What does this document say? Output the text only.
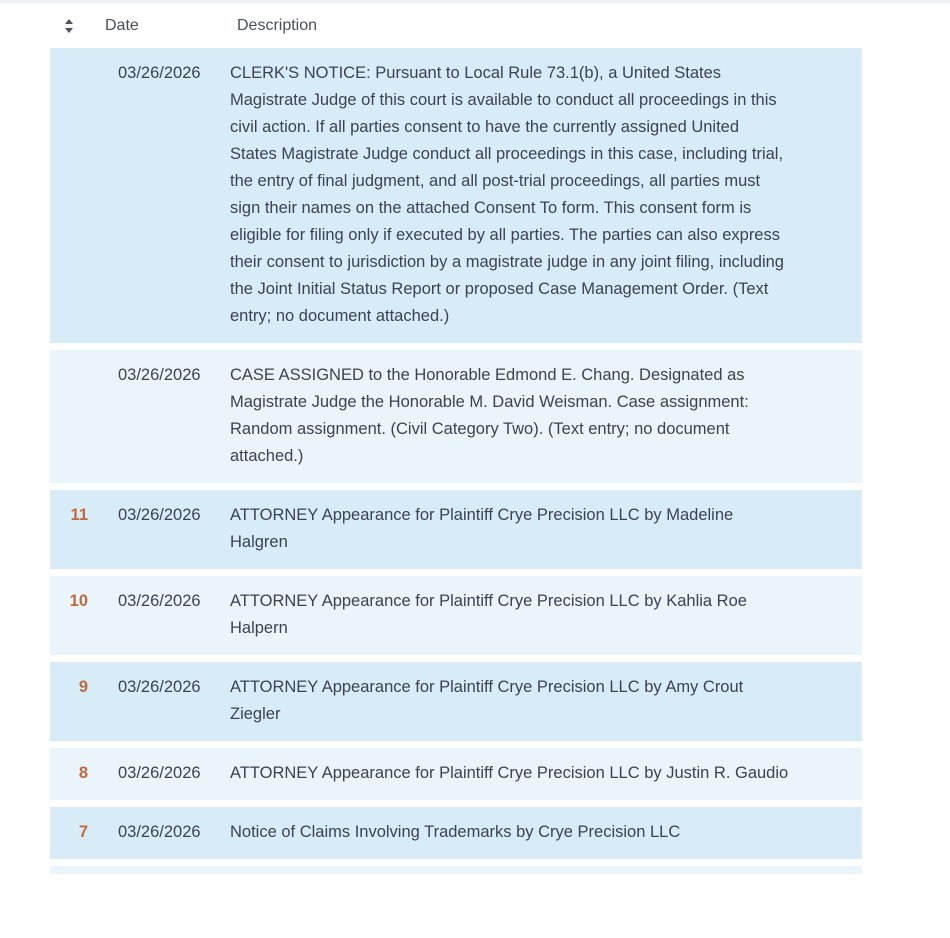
Date	Description
03/26/2026	CLERK'S NOTICE: Pursuant to Local Rule 73.1(b), a United States Magistrate Judge of this court is available to conduct all proceedings in this civil action. If all parties consent to have the currently assigned United States Magistrate Judge conduct all proceedings in this case, including trial, the entry of final judgment, and all post-trial proceedings, all parties must sign their names on the attached Consent To form. This consent form is eligible for filing only if executed by all parties. The parties can also express their consent to jurisdiction by a magistrate judge in any joint filing, including the Joint Initial Status Report or proposed Case Management Order. (Text entry; no document attached.)
03/26/2026	CASE ASSIGNED to the Honorable Edmond E. Chang. Designated as Magistrate Judge the Honorable M. David Weisman. Case assignment: Random assignment. (Civil Category Two). (Text entry; no document attached.)
11 03/26/2026	ATTORNEY Appearance for Plaintiff Crye Precision LLC by Madeline Halgren
10 03/26/2026	ATTORNEY Appearance for Plaintiff Crye Precision LLC by Kahlia Roe Halpern
9 03/26/2026	ATTORNEY Appearance for Plaintiff Crye Precision LLC by Amy Crout Ziegler
8 03/26/2026	ATTORNEY Appearance for Plaintiff Crye Precision LLC by Justin R. Gaudio
7 03/26/2026	Notice of Claims Involving Trademarks by Crye Precision LLC
